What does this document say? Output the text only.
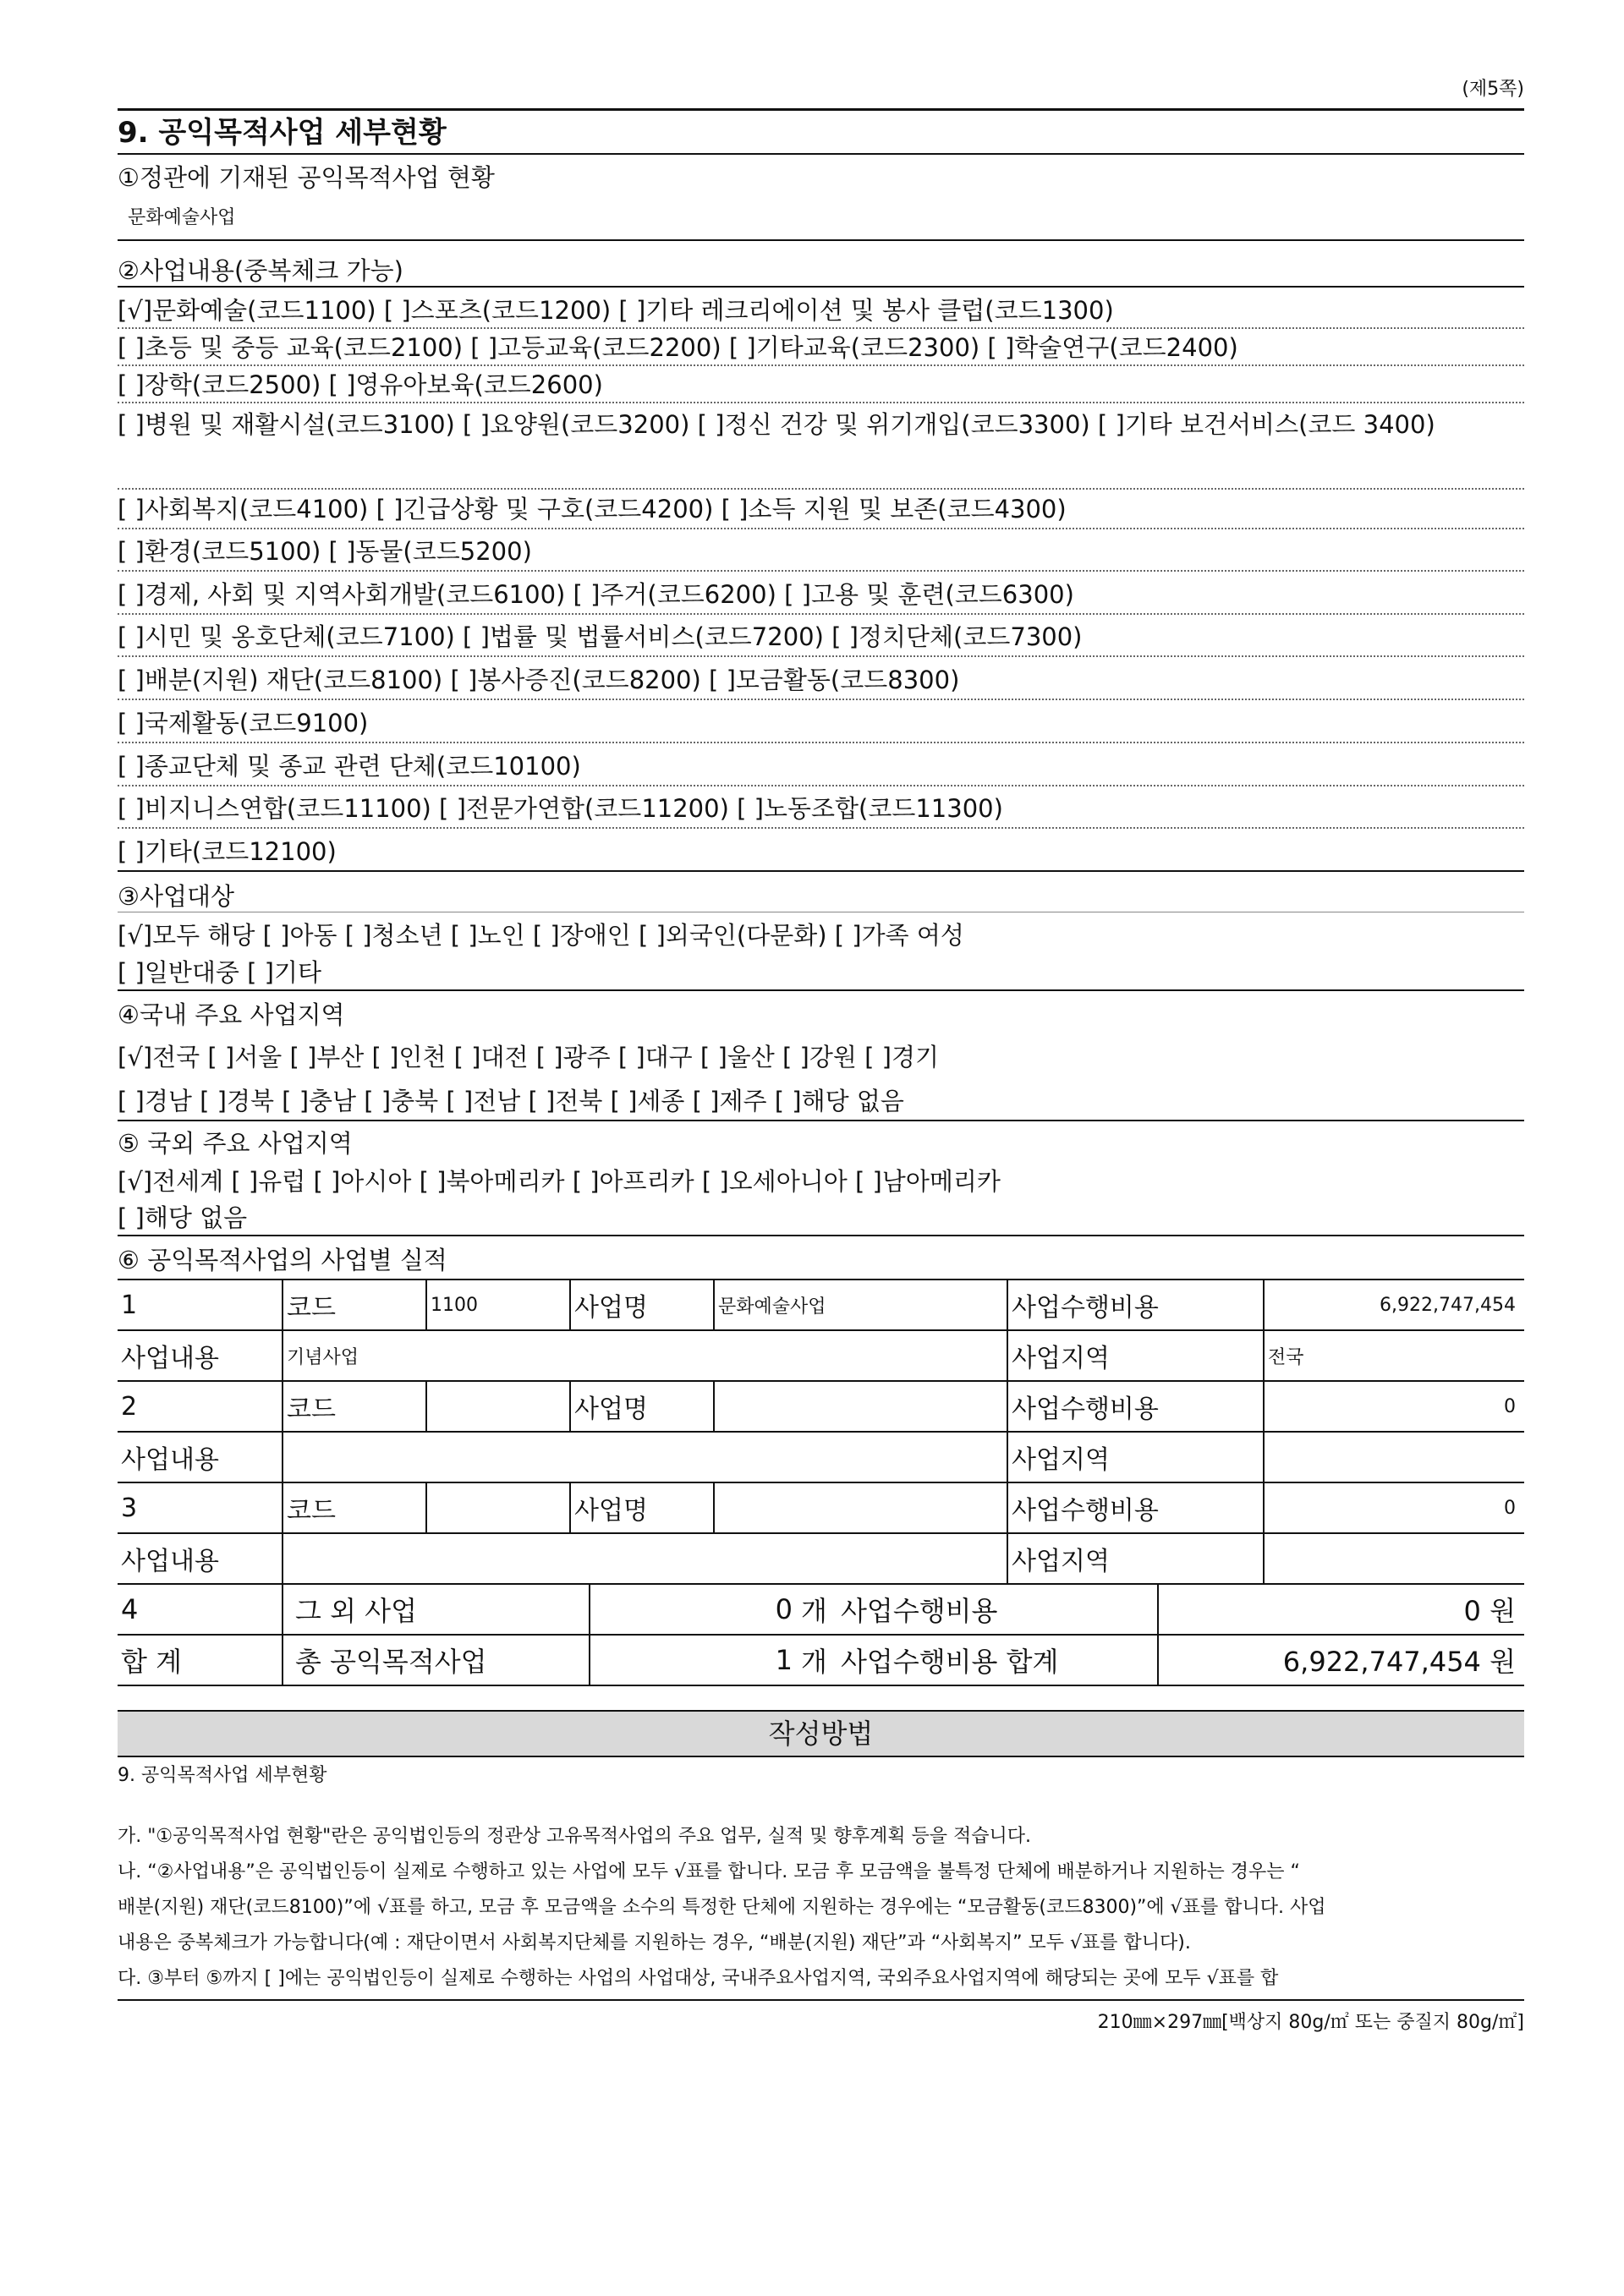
(제5쪽)
9. 공익목적사업 세부현황
①정관에 기재된 공익목적사업 현황
문화예술사업
②사업내용(중복체크 가능)
[√]문화예술(코드1100) [ ]스포츠(코드1200) [ ]기타 레크리에이션 및 봉사 클럽(코드1300)
[ ]초등 및 중등 교육(코드2100) [ ]고등교육(코드2200) [ ]기타교육(코드2300) [ ]학술연구(코드2400)
[ ]장학(코드2500) [ ]영유아보육(코드2600)
[ ]병원 및 재활시설(코드3100) [ ]요양원(코드3200) [ ]정신 건강 및 위기개입(코드3300) [ ]기타 보건서비스(코드 3400)
[ ]사회복지(코드4100) [ ]긴급상황 및 구호(코드4200) [ ]소득 지원 및 보존(코드4300)
[ ]환경(코드5100) [ ]동물(코드5200)
[ ]경제, 사회 및 지역사회개발(코드6100) [ ]주거(코드6200) [ ]고용 및 훈련(코드6300)
[ ]시민 및 옹호단체(코드7100) [ ]법률 및 법률서비스(코드7200) [ ]정치단체(코드7300)
[ ]배분(지원) 재단(코드8100) [ ]봉사증진(코드8200) [ ]모금활동(코드8300)
[ ]국제활동(코드9100)
[ ]종교단체 및 종교 관련 단체(코드10100)
[ ]비지니스연합(코드11100) [ ]전문가연합(코드11200) [ ]노동조합(코드11300)
[ ]기타(코드12100)
③사업대상
[√]모두 해당 [ ]아동 [ ]청소년 [ ]노인 [ ]장애인 [ ]외국인(다문화) [ ]가족 여성
[ ]일반대중 [ ]기타
④국내 주요 사업지역
[√]전국 [ ]서울 [ ]부산 [ ]인천 [ ]대전 [ ]광주 [ ]대구 [ ]울산 [ ]강원 [ ]경기
[ ]경남 [ ]경북 [ ]충남 [ ]충북 [ ]전남 [ ]전북 [ ]세종 [ ]제주 [ ]해당 없음
⑤ 국외 주요 사업지역
[√]전세계 [ ]유럽 [ ]아시아 [ ]북아메리카 [ ]아프리카 [ ]오세아니아 [ ]남아메리카
[ ]해당 없음
⑥ 공익목적사업의 사업별 실적
1	코드	1100	사업명	문화예술사업	사업수행비용	6,922,747,454
사업내용	기념사업				사업지역	전국
2	코드		사업명		사업수행비용	0
사업내용					사업지역	
3	코드		사업명		사업수행비용	0
사업내용					사업지역	
4	그 외 사업	0	개	사업수행비용	0 원
합 계	총 공익목적사업	1	개	사업수행비용 합계	6,922,747,454 원
작성방법
9. 공익목적사업 세부현황
가. "①공익목적사업 현황"란은 공익법인등의 정관상 고유목적사업의 주요 업무, 실적 및 향후계획 등을 적습니다.
나. “②사업내용”은 공익법인등이 실제로 수행하고 있는 사업에 모두 √표를 합니다. 모금 후 모금액을 불특정 단체에 배분하거나 지원하는 경우는 “
배분(지원) 재단(코드8100)”에 √표를 하고, 모금 후 모금액을 소수의 특정한 단체에 지원하는 경우에는 “모금활동(코드8300)”에 √표를 합니다. 사업
내용은 중복체크가 가능합니다(예 : 재단이면서 사회복지단체를 지원하는 경우, “배분(지원) 재단”과 “사회복지” 모두 √표를 합니다).
다. ③부터 ⑤까지 [ ]에는 공익법인등이 실제로 수행하는 사업의 사업대상, 국내주요사업지역, 국외주요사업지역에 해당되는 곳에 모두 √표를 합
210㎜×297㎜[백상지 80g/㎡ 또는 중질지 80g/㎡]
